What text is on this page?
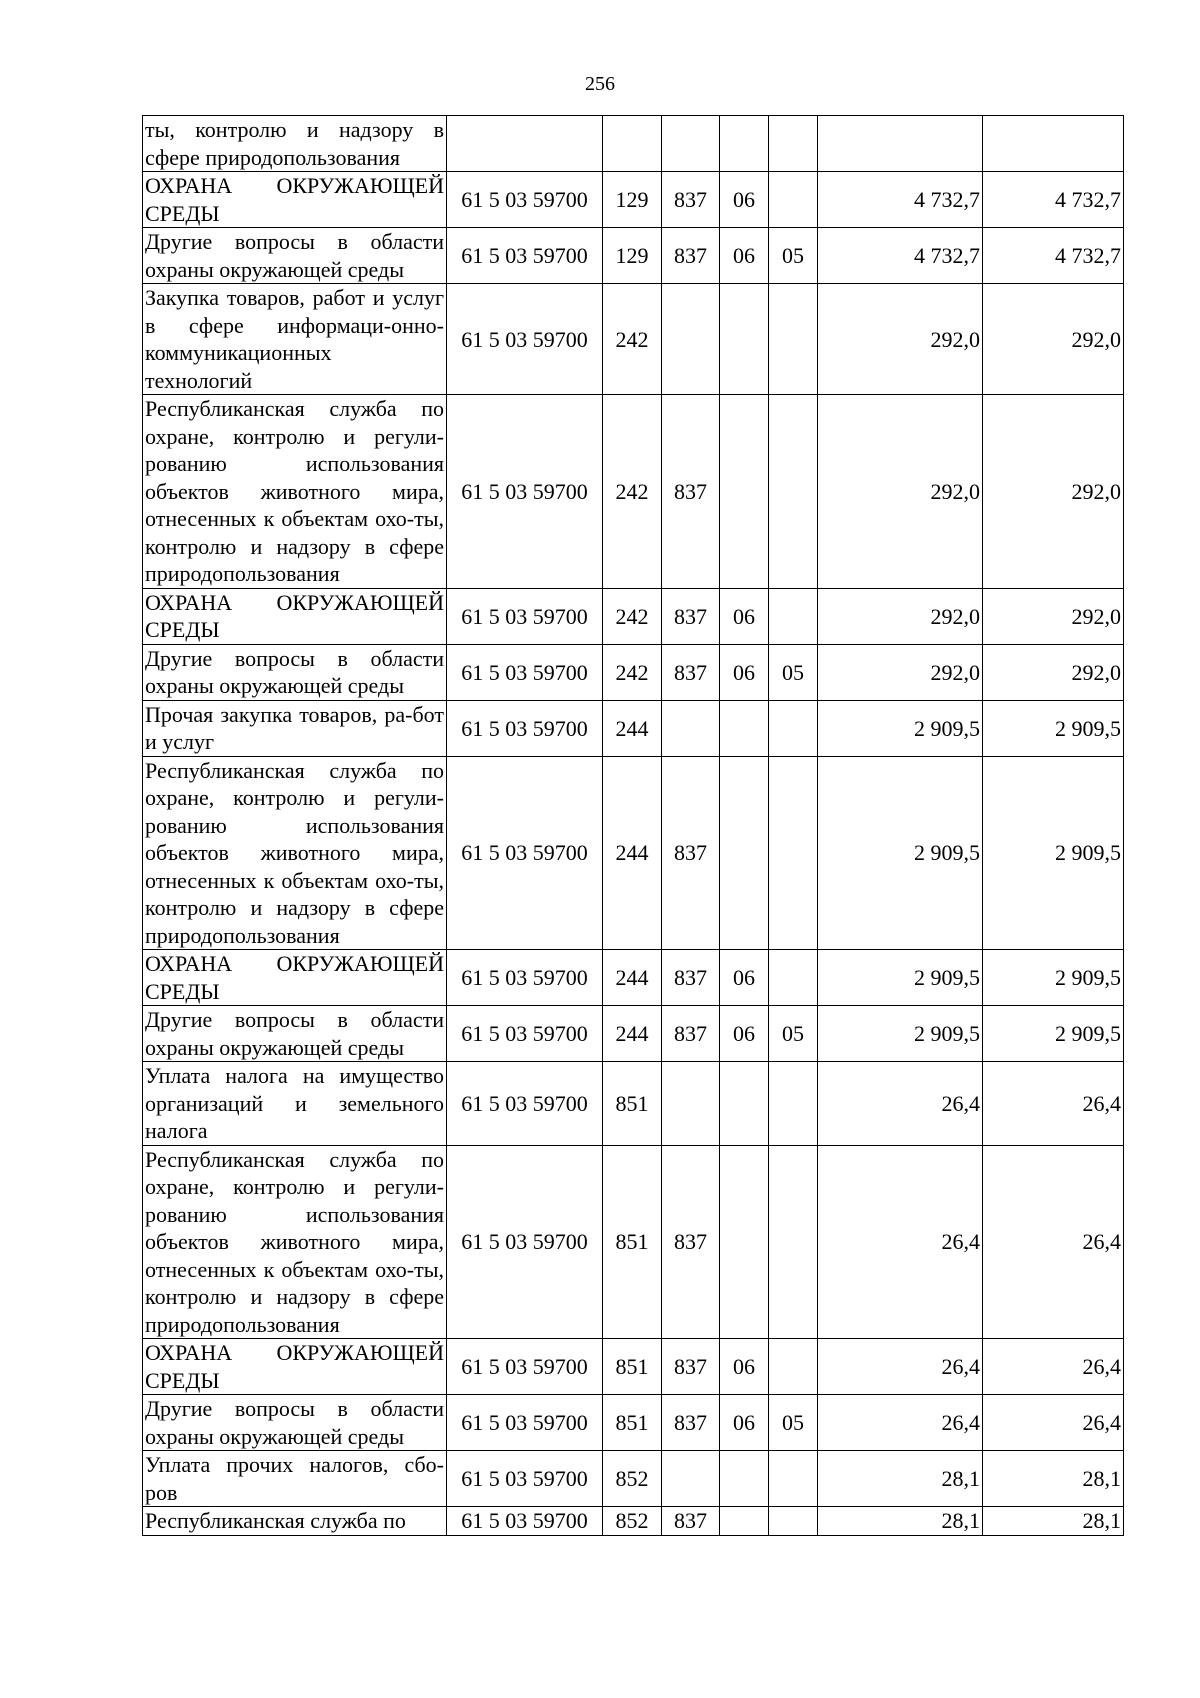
256
ты, контролю и надзору в сфере природопользования							
ОХРАНА ОКРУЖАЮЩЕЙ СРЕДЫ	61 5 03 59700	129	837	06		4 732,7	4 732,7
Другие вопросы в области охраны окружающей среды	61 5 03 59700	129	837	06	05	4 732,7	4 732,7
Закупка товаров, работ и услуг в сфере информаци-онно-коммуникационных технологий	61 5 03 59700	242				292,0	292,0
Республиканская служба по охране, контролю и регули-рованию использования объектов животного мира, отнесенных к объектам охо-ты, контролю и надзору в сфере природопользования	61 5 03 59700	242	837			292,0	292,0
ОХРАНА ОКРУЖАЮЩЕЙ СРЕДЫ	61 5 03 59700	242	837	06		292,0	292,0
Другие вопросы в области охраны окружающей среды	61 5 03 59700	242	837	06	05	292,0	292,0
Прочая закупка товаров, ра-бот и услуг	61 5 03 59700	244				2 909,5	2 909,5
Республиканская служба по охране, контролю и регули-рованию использования объектов животного мира, отнесенных к объектам охо-ты, контролю и надзору в сфере природопользования	61 5 03 59700	244	837			2 909,5	2 909,5
ОХРАНА ОКРУЖАЮЩЕЙ СРЕДЫ	61 5 03 59700	244	837	06		2 909,5	2 909,5
Другие вопросы в области охраны окружающей среды	61 5 03 59700	244	837	06	05	2 909,5	2 909,5
Уплата налога на имущество организаций и земельного налога	61 5 03 59700	851				26,4	26,4
Республиканская служба по охране, контролю и регули-рованию использования объектов животного мира, отнесенных к объектам охо-ты, контролю и надзору в сфере природопользования	61 5 03 59700	851	837			26,4	26,4
ОХРАНА ОКРУЖАЮЩЕЙ СРЕДЫ	61 5 03 59700	851	837	06		26,4	26,4
Другие вопросы в области охраны окружающей среды	61 5 03 59700	851	837	06	05	26,4	26,4
Уплата прочих налогов, сбо-ров	61 5 03 59700	852				28,1	28,1
Республиканская служба по	61 5 03 59700	852	837			28,1	28,1
